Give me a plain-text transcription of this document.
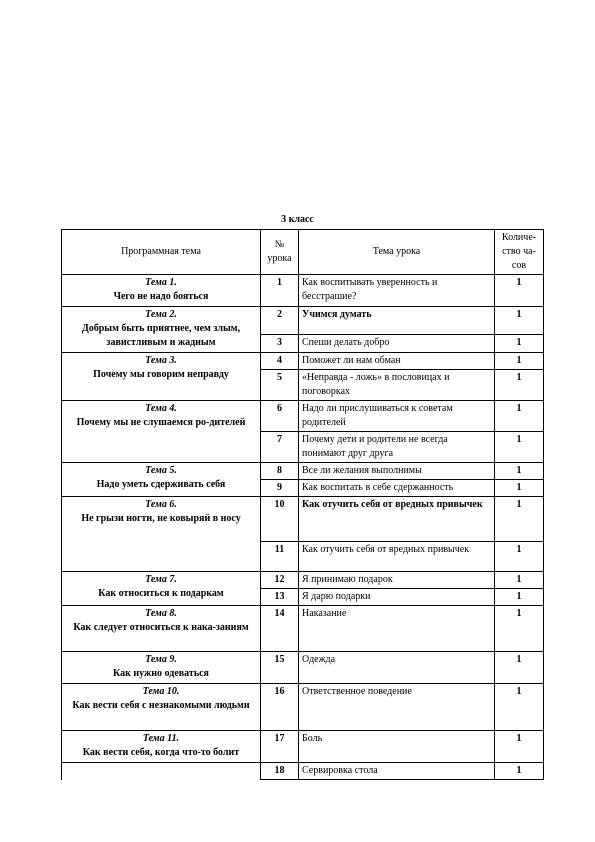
3 класс
Программная тема	№ урока	Тема урока	Количе-ство ча-сов

Тема 1.
Чего не надо бояться	1	Как воспитывать уверенность и бесстрашие?	1

Тема 2.
Добрым быть приятнее, чем злым, завистливым и жадным	2	Учимся думать	1
	3	Спеши делать добро	1

Тема 3.
Почему мы говорим неправду	4	Поможет ли нам обман	1
	5	«Неправда - ложь» в пословицах и поговорках	1

Тема 4.
Почему мы не слушаемся ро-дителей	6	Надо ли прислушиваться к советам родителей	1
	7	Почему дети и родители не всегда понимают друг друга	1

Тема 5.
Надо уметь сдерживать себя	8	Все ли желания выполнимы	1
	9	Как воспитать в себе сдержанность	1

Тема 6.
Не грызи ногти, не ковыряй в носу	10	Как отучить себя от вредных привычек	1
	11	Как отучить себя от вредных привычек	1

Тема 7.
Как относиться к подаркам	12	Я принимаю подарок	1
	13	Я дарю подарки	1

Тема 8.
Как следует относиться к нака-заниям	14	Наказание	1

Тема 9.
Как нужно одеваться	15	Одежда	1

Тема 10.
Как вести себя с незнакомыми людьми	16	Ответственное поведение	1

Тема 11.
Как вести себя, когда что-то болит	17	Боль	1
	18	Сервировка стола	1
